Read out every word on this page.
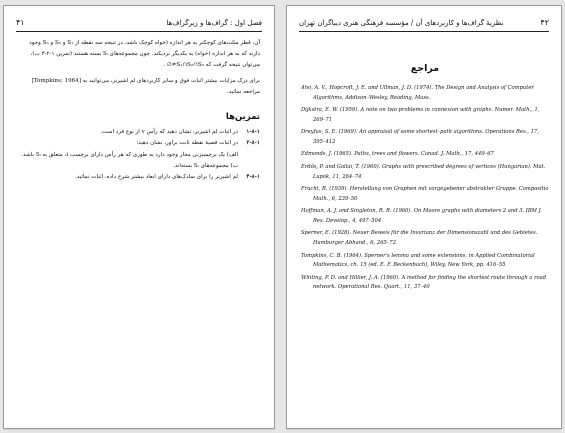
۴۱	فصل اول : گراف‌ها و زیرگراف‌ها

آن، قطر مثلث‌های کوچکتر به هر اندازه (خواه کوچک باشد، در نتیجه سه نقطه از S₁ و S₂ و S₃ وجود دارند که به هر اندازه (خواه) به یکدیگر نزدیکند. چون مجموعه‌های Sᵢ بسته هستند (تمرین ۱-۲-۳ ب)، می‌توان نتیجه گرفت که S₁∩S₂∩S₃≠∅ .

برای درک مزایات بیشتر اثبات فوق و سایر کاربردهای لم اشپرنر، می‌توانید به [Tompkins; 1964] مراجعه نمائید.

تمرین‌ها
۱-۸-۱
در اثبات لم اشپرنر، نشان دهید که رأس v از نوع فرد است.
۲-۸-۱
در اثبات قضیهٔ نقطه ثابت براور، نشان دهید:
الف) یک برچسبزنی مجاز وجود دارد به طوری که هر رأس دارای برچسب i، متعلق به Sᵢ باشد.
ب) مجموعه‌های Sᵢ بسته‌اند.
۳-۸-۱
لم اشپرنر را برای سادک‌های دارای ابعاد بیشتر شرح داده، اثبات نمائید.
نظریهٔ گراف‌ها و کاربردهای آن / مؤسسه فرهنگی هنری دیباگران تهران	۴۲
مراجع

Aho, A. V., Hopcroft, J. E. and Ullman, J. D. (1974). The Design and Analysis of Computer Algorithms, Addison–Wesley, Reading, Mass.

Dijkstra, E. W. (1959). A note on two problems in connexion with graphs. Numer. Math., 1, 269–71

Dreyfus, S. E. (1969). An appraisal of some shortest–path algorithms. Operations Res., 17, 395–412

Edmonds, J. (1965). Paths, trees and flowers. Canad. J. Math., 17, 449–67

Erdős, P. and Gallai, T. (1960). Graphs with prescribed degrees of vertices (Hungarian). Mat. Lapok, 11, 264–74

Frucht, R. (1939). Herstellung von Graphen mit vorgegebener abstrakter Gruppe. Compositio Math., 6, 239–50

Hoffman, A. J. and Singleton, R. R. (1960). On Moore graphs with diameters 2 and 3. IBM J. Res. Develop., 4, 497–504

Sperner, E. (1928). Neuer Beweis für die Invarianz der Dimensionszahl und des Gebietes. Hamburger Abhand., 6, 265–72

Tompkins, C. B. (1964). Sperner's lemma and some extensions, in Applied Combinatorial Mathematics, ch. 15 (ed. E. F. Beckenbach), Wiley, New York, pp. 416–55

Whiting, P. D. and Hillier, J. A. (1960). A method for finding the shortest route through a road network. Operational Res. Quart., 11, 37–40
